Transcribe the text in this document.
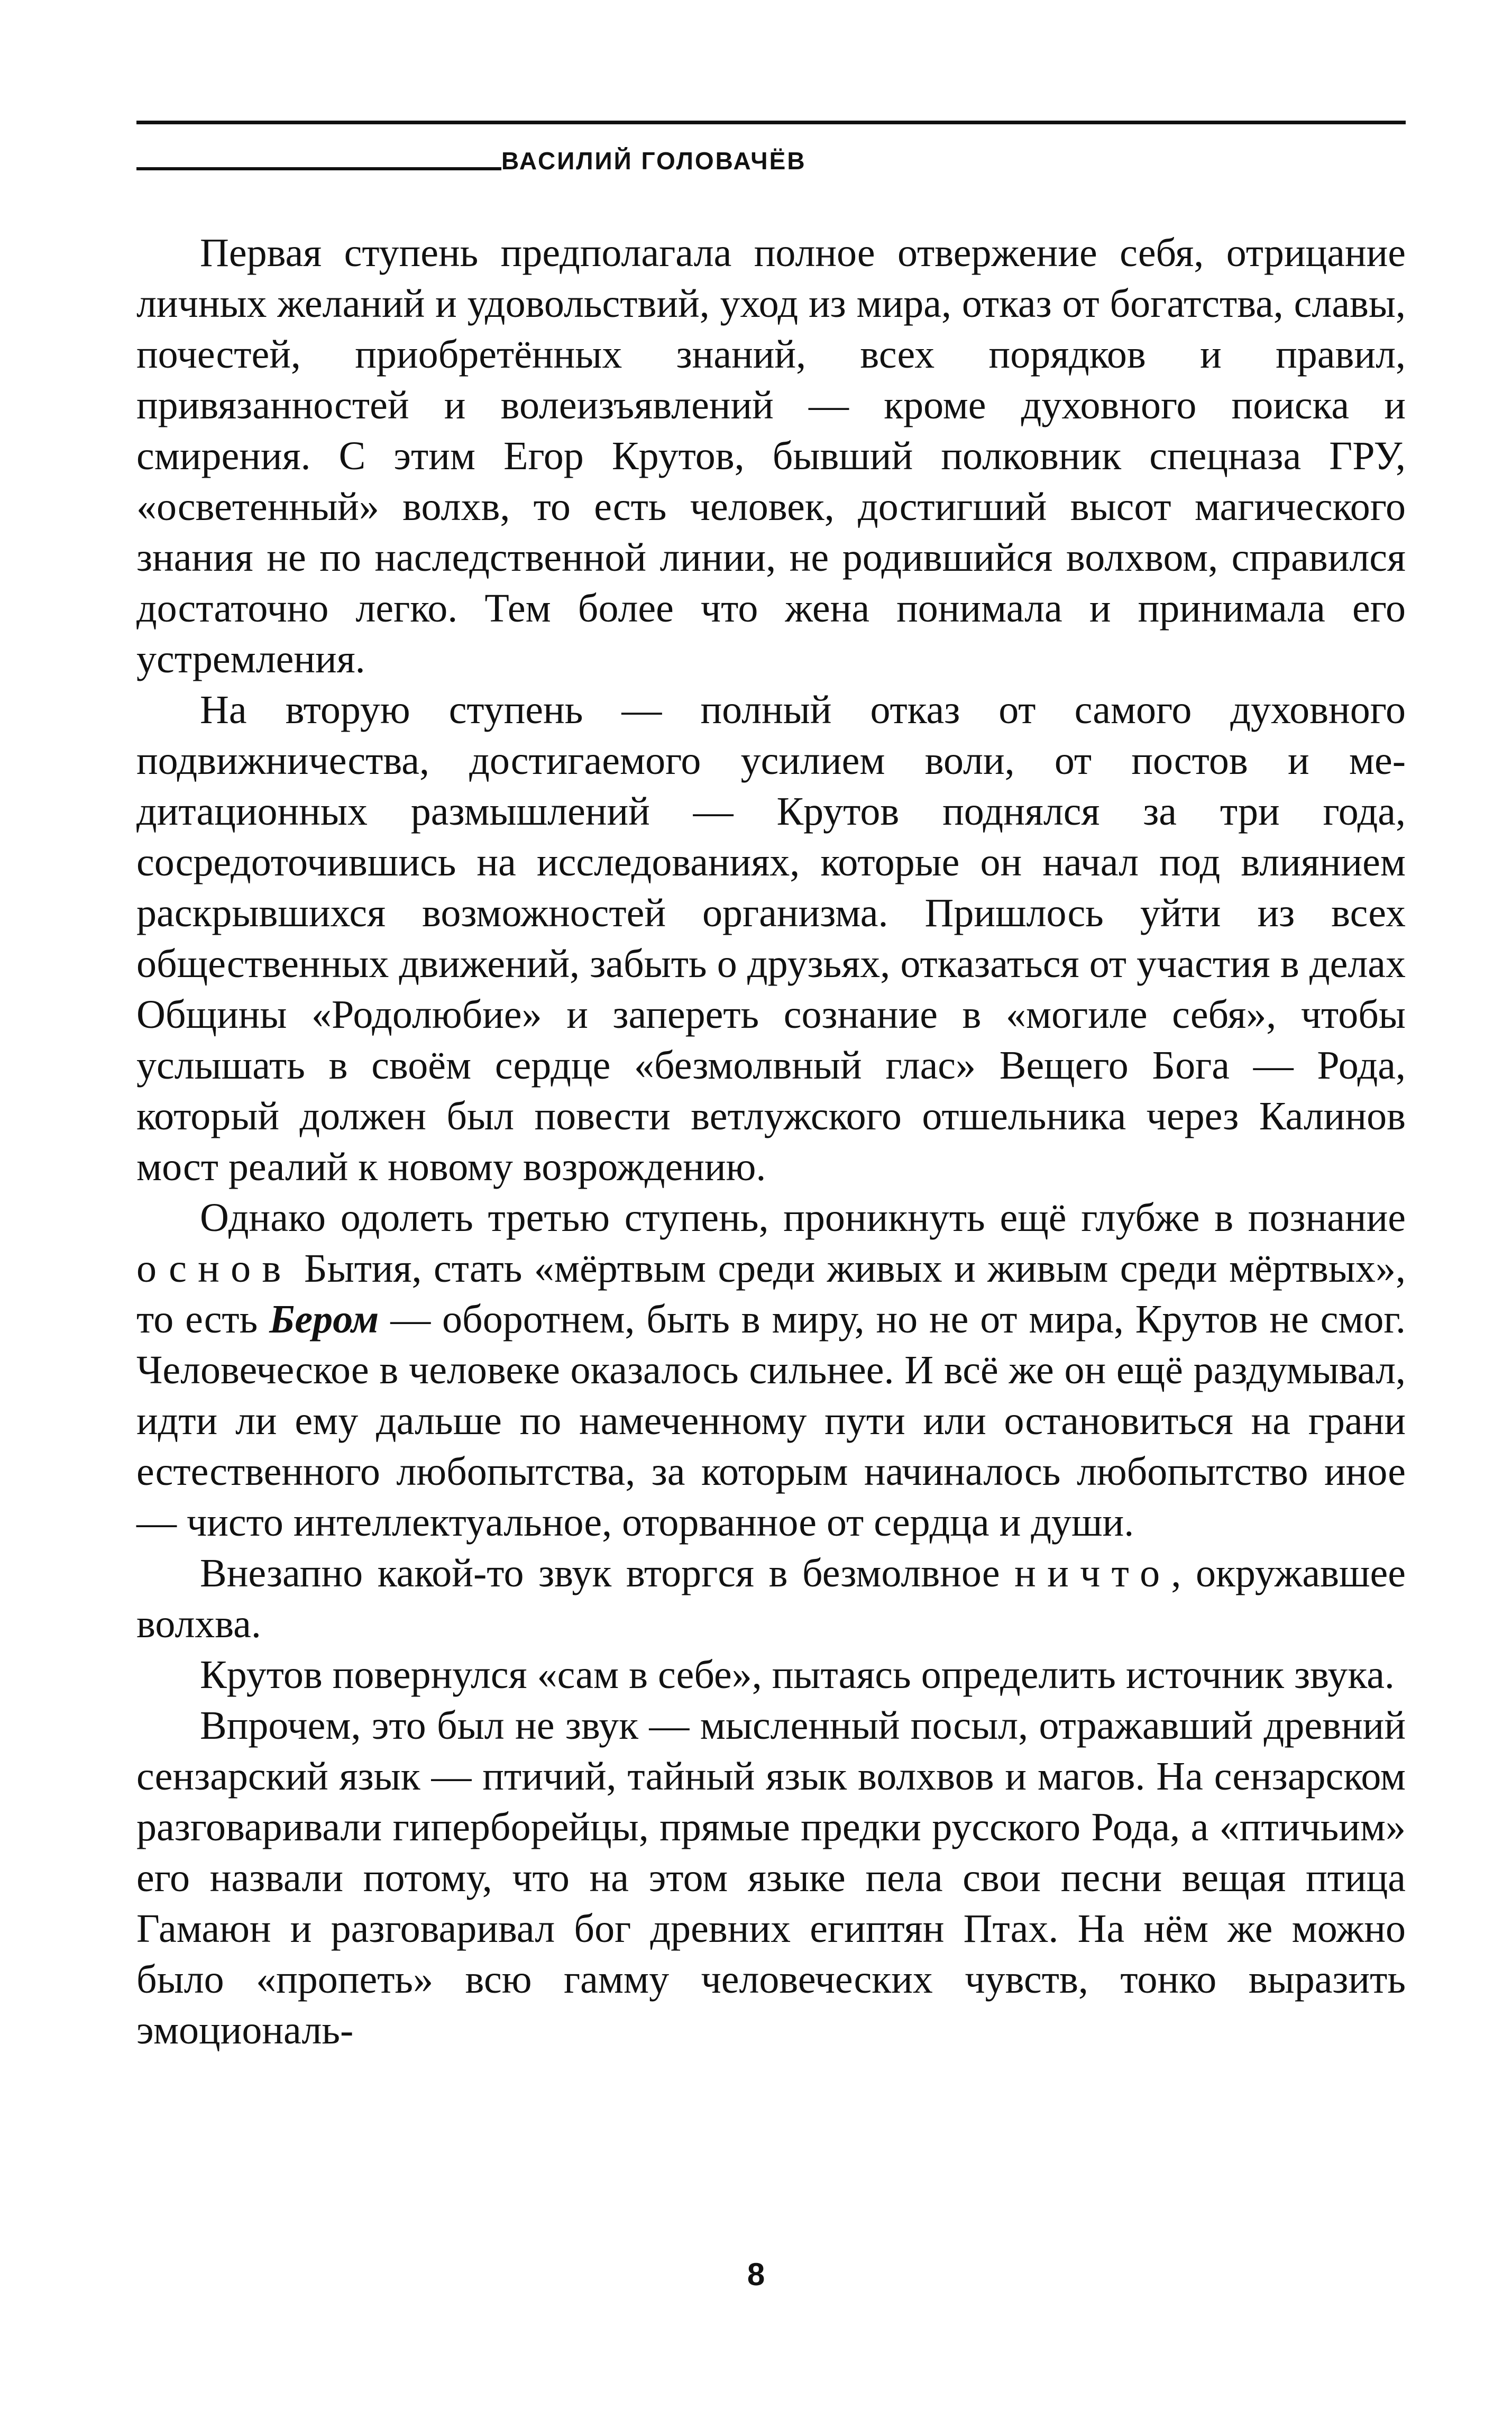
ВАСИЛИЙ ГОЛОВАЧЁВ

Первая ступень предполагала полное отвержение себя, отрицание личных желаний и удовольствий, уход из мира, отказ от богатства, славы, почестей, приобретённых знаний, всех порядков и правил, привязанностей и волеизъявлений — кроме духовного поиска и смирения. С этим Егор Крутов, бывший полковник спецназа ГРУ, «осветенный» волхв, то есть человек, достигший высот магического знания не по наследственной линии, не родившийся волхвом, справился достаточно легко. Тем более что жена понимала и принимала его устремления.

На вторую ступень — полный отказ от самого духовного подвижничества, достигаемого усилием воли, от постов и медитационных размышлений — Крутов поднялся за три года, сосредоточившись на исследованиях, которые он начал под влиянием раскрывшихся возможностей организма. Пришлось уйти из всех общественных движений, забыть о друзьях, отказаться от участия в делах Общины «Родолюбие» и запереть сознание в «могиле себя», чтобы услышать в своём сердце «безмолвный глас» Вещего Бога — Рода, который должен был повести ветлужского отшельника через Калинов мост реалий к новому возрождению.

Однако одолеть третью ступень, проникнуть ещё глубже в познание основ Бытия, стать «мёртвым среди живых и живым среди мёртвых», то есть Бером — оборотнем, быть в миру, но не от мира, Крутов не смог. Человеческое в человеке оказалось сильнее. И всё же он ещё раздумывал, идти ли ему дальше по намеченному пути или остановиться на грани естественного любопытства, за которым начиналось любопытство иное — чисто интеллектуальное, оторванное от сердца и души.

Внезапно какой-то звук вторгся в безмолвное ничто, окружавшее волхва.

Крутов повернулся «сам в себе», пытаясь определить источник звука.

Впрочем, это был не звук — мысленный посыл, отражавший древний сензарский язык — птичий, тайный язык волхвов и магов. На сензарском разговаривали гиперборейцы, прямые предки русского Рода, а «птичьим» его назвали потому, что на этом языке пела свои песни вещая птица Гамаюн и разговаривал бог древних египтян Птах. На нём же можно было «пропеть» всю гамму человеческих чувств, тонко выразить эмоциональ-

8
